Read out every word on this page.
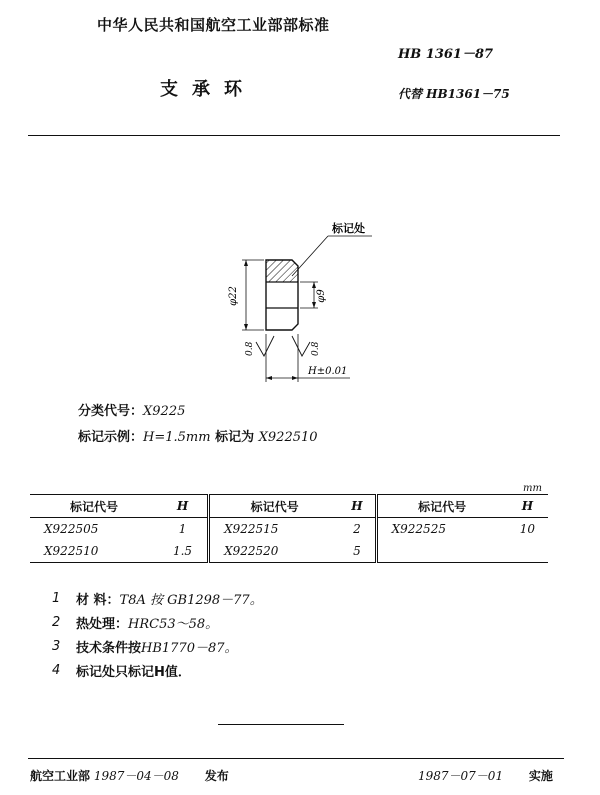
中华人民共和国航空工业部部标准
HB 1361－87
支承环	代替 HB1361－75
φ22	φ9
标记处
0.8	0.8
H±0.01
分类代号：X9225
标记示例：H=1.5mm 标记为 X922510
mm
标记代号	H	标记代号	H	标记代号	H
X922505	1	X922515	2	X922525	10
X922510	1.5	X922520	5		
1	材 料：T8A 按 GB1298－77。
2	热处理：HRC53～58。
3	技术条件按HB1770－87。
4	标记处只标记H值．
航空工业部 1987－04－08 发布	1987－07－01 实施
